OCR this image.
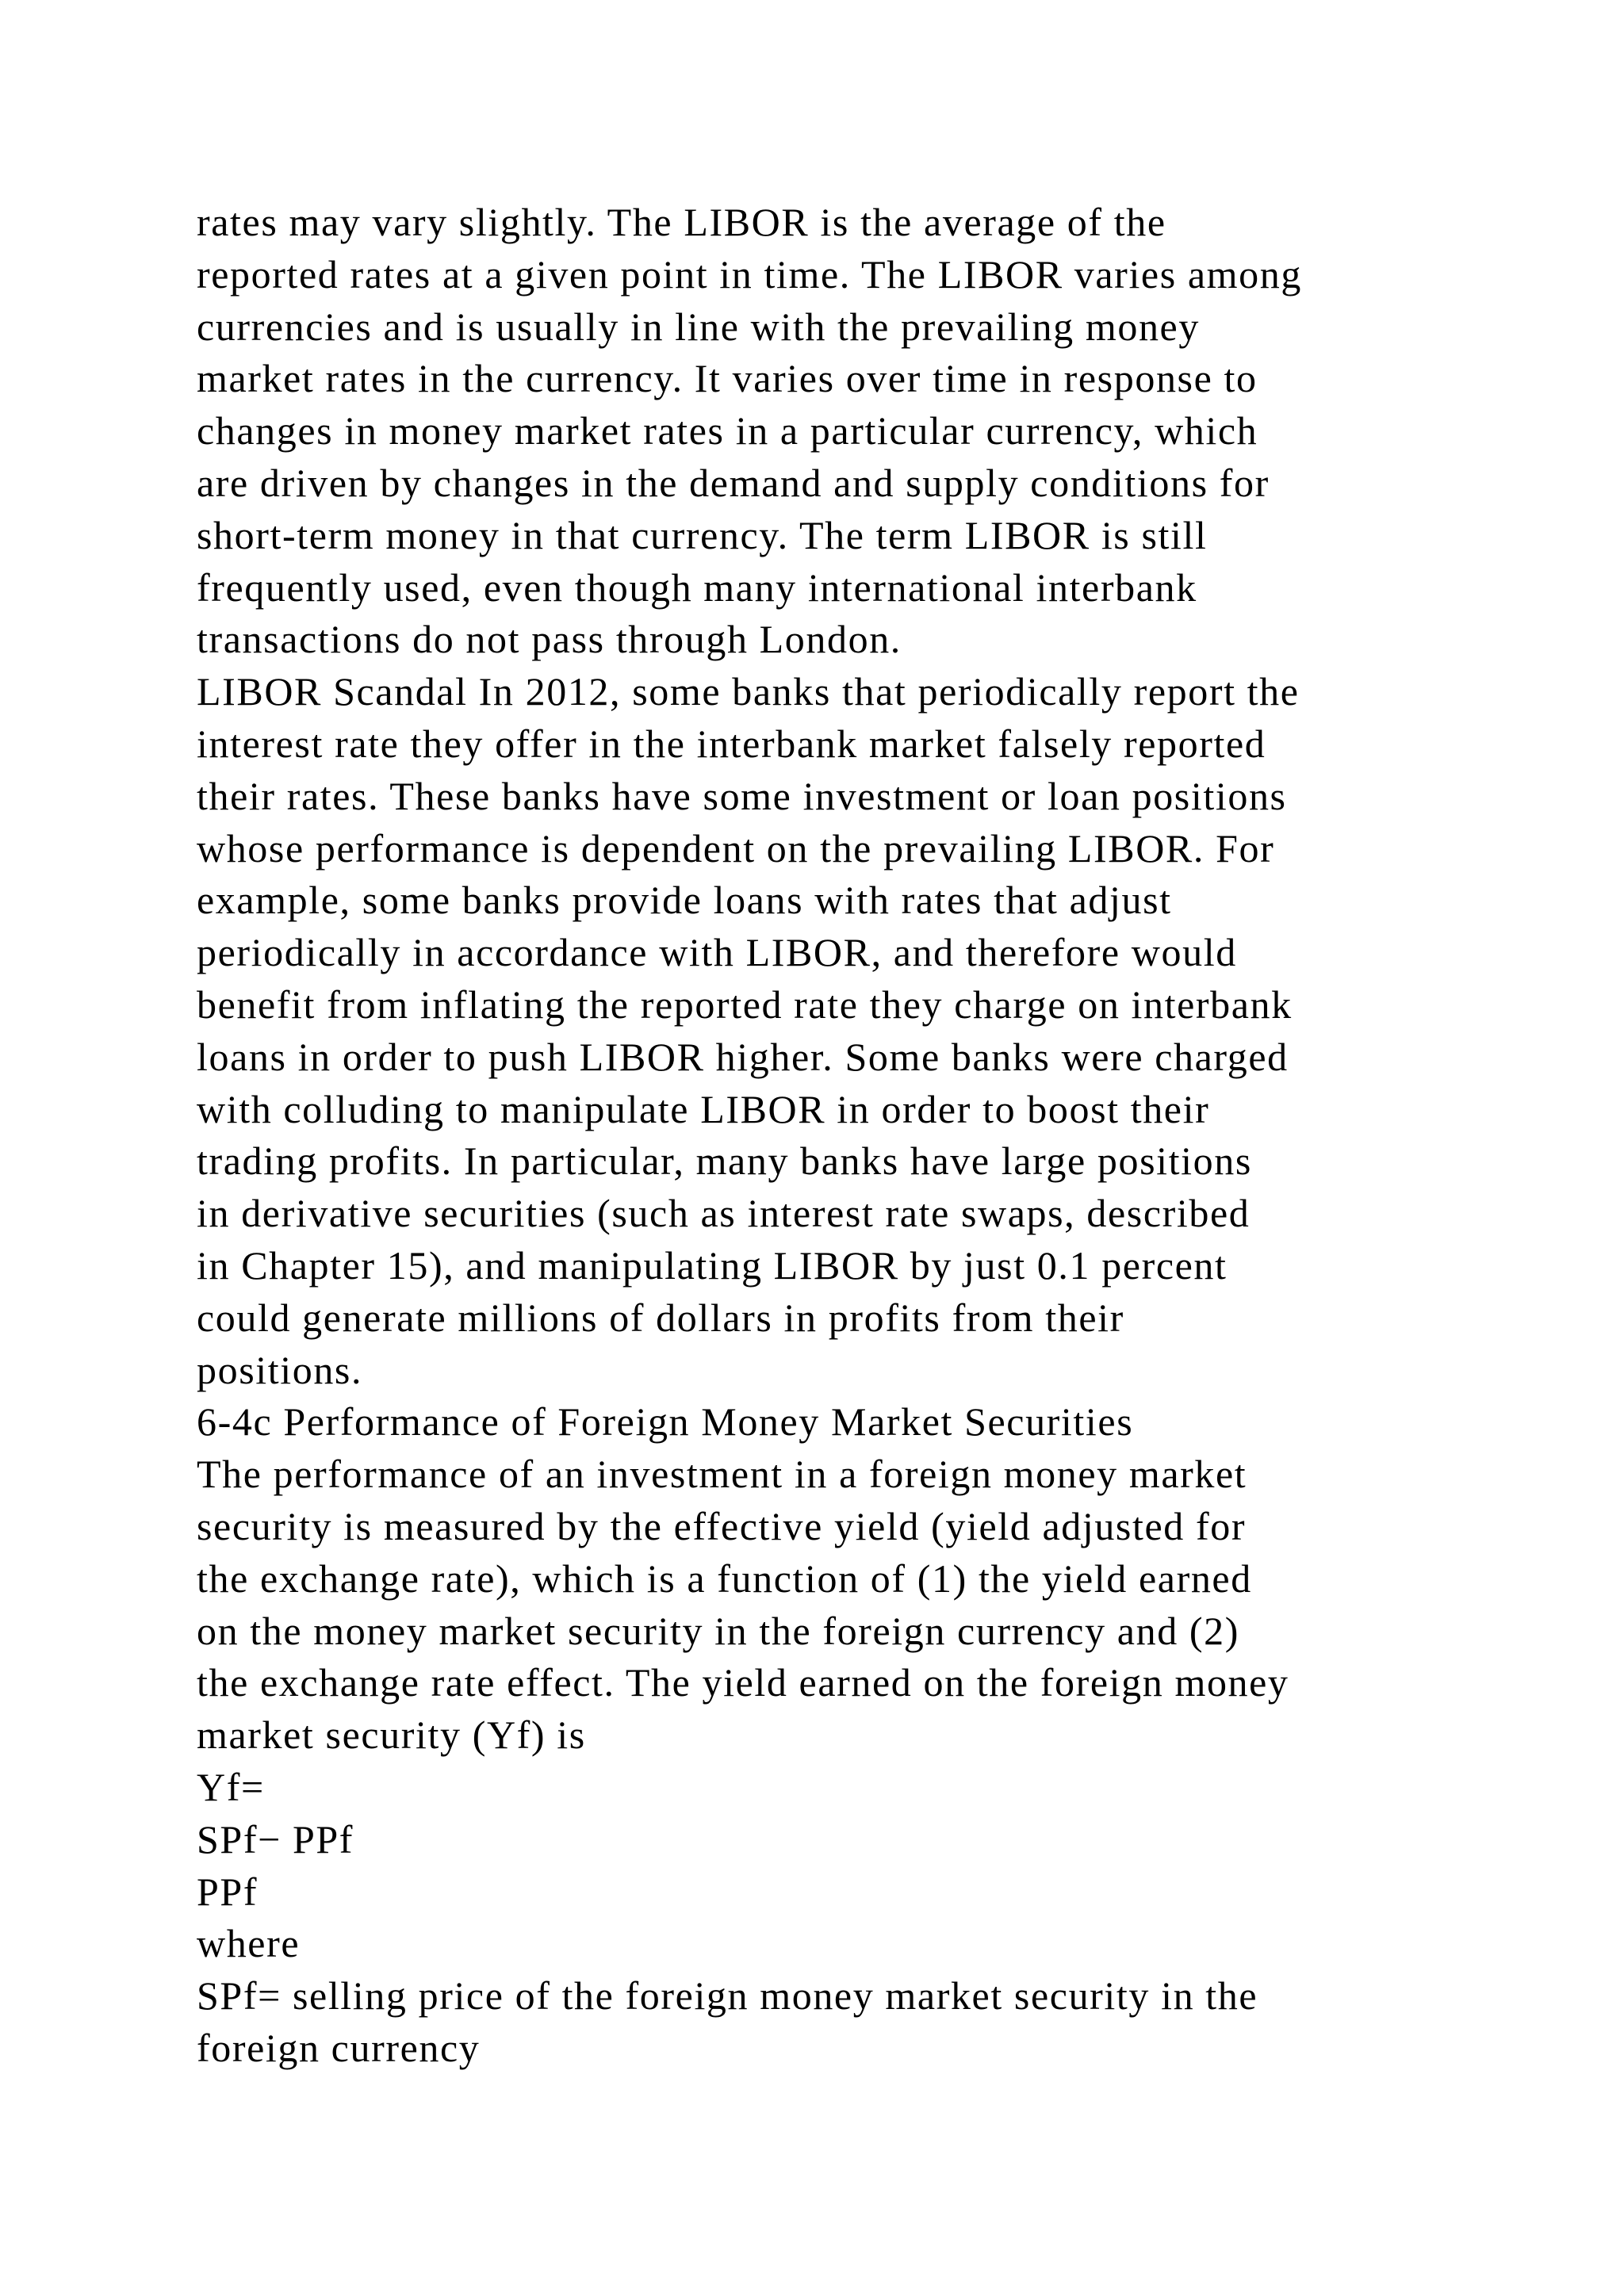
rates may vary slightly. The LIBOR is the average of the
reported rates at a given point in time. The LIBOR varies among
currencies and is usually in line with the prevailing money
market rates in the currency. It varies over time in response to
changes in money market rates in a particular currency, which
are driven by changes in the demand and supply conditions for
short-term money in that currency. The term LIBOR is still
frequently used, even though many international interbank
transactions do not pass through London.
LIBOR Scandal In 2012, some banks that periodically report the
interest rate they offer in the interbank market falsely reported
their rates. These banks have some investment or loan positions
whose performance is dependent on the prevailing LIBOR. For
example, some banks provide loans with rates that adjust
periodically in accordance with LIBOR, and therefore would
benefit from inflating the reported rate they charge on interbank
loans in order to push LIBOR higher. Some banks were charged
with colluding to manipulate LIBOR in order to boost their
trading profits. In particular, many banks have large positions
in derivative securities (such as interest rate swaps, described
in Chapter 15), and manipulating LIBOR by just 0.1 percent
could generate millions of dollars in profits from their
positions.
6-4c Performance of Foreign Money Market Securities
The performance of an investment in a foreign money market
security is measured by the effective yield (yield adjusted for
the exchange rate), which is a function of (1) the yield earned
on the money market security in the foreign currency and (2)
the exchange rate effect. The yield earned on the foreign money
market security (Yf) is
Yf=
SPf− PPf
PPf
where
SPf= selling price of the foreign money market security in the
foreign currency
